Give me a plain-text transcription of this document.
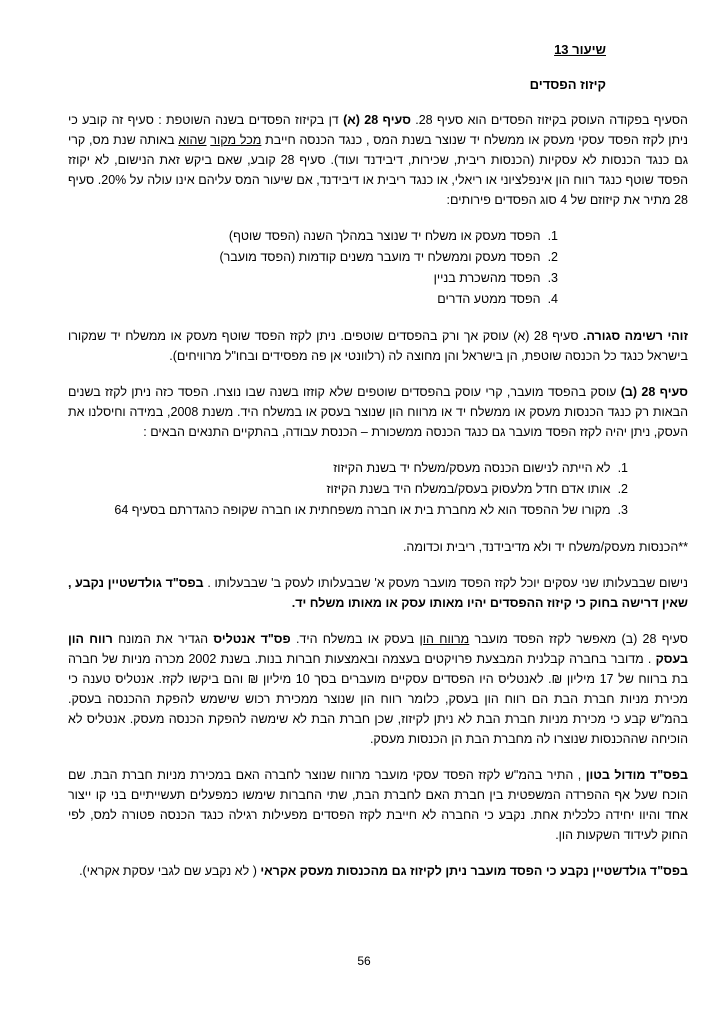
שיעור 13
קיזוז הפסדים
הסעיף בפקודה העוסק בקיזוז הפסדים הוא סעיף 28. סעיף 28 (א) דן בקיזוז הפסדים בשנה השוטפת : סעיף זה קובע כי ניתן לקזז הפסד עסקי מעסק או ממשלח יד שנוצר בשנת המס , כנגד הכנסה חייבת מכל מקור שהוא באותה שנת מס, קרי גם כנגד הכנסות לא עסקיות (הכנסות ריבית, שכירות, דיבידנד ועוד). סעיף 28 קובע, שאם ביקש זאת הנישום, לא יקוזז הפסד שוטף כנגד רווח הון אינפלציוני או ריאלי, או כנגד ריבית או דיבידנד, אם שיעור המס עליהם אינו עולה על 20%. סעיף 28 מתיר את קיזוזם של 4 סוג הפסדים פירותים:
1. הפסד מעסק או משלח יד שנוצר במהלך השנה (הפסד שוטף)
2. הפסד מעסק וממשלח יד מועבר משנים קודמות (הפסד מועבר)
3. הפסד מהשכרת בניין
4. הפסד ממטע הדרים
זוהי רשימה סגורה. סעיף 28 (א) עוסק אך ורק בהפסדים שוטפים. ניתן לקזז הפסד שוטף מעסק או ממשלח יד שמקורו בישראל כנגד כל הכנסה שוטפת, הן בישראל והן מחוצה לה (רלוונטי אן פה מפסידים ובחו"ל מרוויחים).
סעיף 28 (ב) עוסק בהפסד מועבר, קרי עוסק בהפסדים שוטפים שלא קוזזו בשנה שבו נוצרו. הפסד כזה ניתן לקזז בשנים הבאות רק כנגד הכנסות מעסק או ממשלח יד או מרווח הון שנוצר בעסק או במשלח היד. משנת 2008, במידה וחיסלנו את העסק, ניתן יהיה לקזז הפסד מועבר גם כנגד הכנסה ממשכורת – הכנסת עבודה, בהתקיים התנאים הבאים :
1. לא הייתה לנישום הכנסה מעסק/משלח יד בשנת הקיזוז
2. אותו אדם חדל מלעסוק בעסק/במשלח היד בשנת הקיזוז
3. מקורו של ההפסד הוא לא מחברת בית או חברה משפחתית או חברה שקופה כהגדרתם בסעיף 64
**הכנסות מעסק/משלח יד ולא מדיבידנד, ריבית וכדומה.
נישום שבבעלותו שני עסקים יוכל לקזז הפסד מועבר מעסק א' שבבעלותו לעסק ב' שבבעלותו . בפס"ד גולדשטיין נקבע , שאין דרישה בחוק כי קיזוז ההפסדים יהיו מאותו עסק או מאותו משלח יד.
סעיף 28 (ב) מאפשר לקזז הפסד מועבר מרווח הון בעסק או במשלח היד. פס"ד אנטליס הגדיר את המונח רווח הון בעסק . מדובר בחברה קבלנית המבצעת פרויקטים בעצמה ובאמצעות חברות בנות. בשנת 2002 מכרה מניות של חברה בת ברווח של 17 מיליון ₪. לאנטליס היו הפסדים עסקיים מועברים בסך 10 מיליון ₪ והם ביקשו לקזז. אנטליס טענה כי מכירת מניות חברת הבת הם רווח הון בעסק, כלומר רווח הון שנוצר ממכירת רכוש שישמש להפקת ההכנסה בעסק. בהמ"ש קבע כי מכירת מניות חברת הבת לא ניתן לקיזוז, שכן חברת הבת לא שימשה להפקת הכנסה מעסק. אנטליס לא הוכיחה שההכנסות שנוצרו לה מחברת הבת הן הכנסות מעסק.
בפס"ד מודול בטון , התיר בהמ"ש לקזז הפסד עסקי מועבר מרווח שנוצר לחברה האם במכירת מניות חברת הבת. שם הוכח שעל אף ההפרדה המשפטית בין חברת האם לחברת הבת, שתי החברות שימשו כמפעלים תעשייתיים בני קו ייצור אחד והיוו יחידה כלכלית אחת. נקבע כי החברה לא חייבת לקזז הפסדים מפעילות רגילה כנגד הכנסה פטורה למס, לפי החוק לעידוד השקעות הון.
בפס"ד גולדשטיין נקבע כי הפסד מועבר ניתן לקיזוז גם מהכנסות מעסק אקראי ( לא נקבע שם לגבי עסקת אקראי).
56
